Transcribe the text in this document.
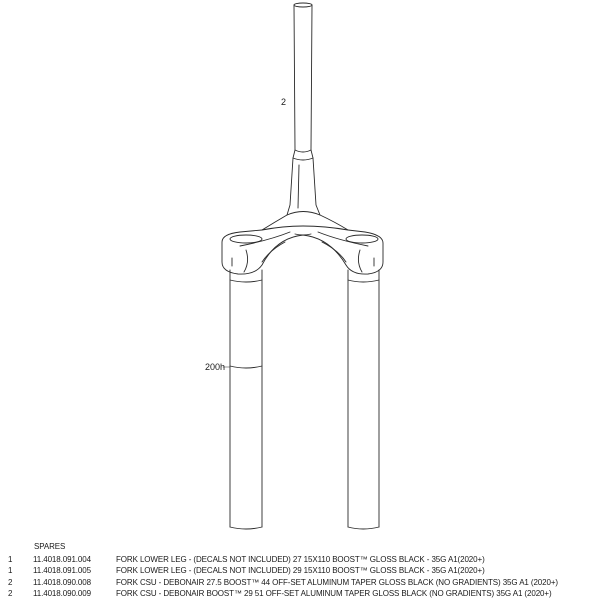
2
200h
SPARES
1	11.4018.091.004	FORK LOWER LEG - (DECALS NOT INCLUDED) 27 15X110 BOOST™ GLOSS BLACK - 35G A1(2020+)
1	11.4018.091.005	FORK LOWER LEG - (DECALS NOT INCLUDED) 29 15X110 BOOST™ GLOSS BLACK - 35G A1(2020+)
2	11.4018.090.008	FORK CSU - DEBONAIR 27.5 BOOST™ 44 OFF-SET ALUMINUM TAPER GLOSS BLACK (NO GRADIENTS) 35G A1 (2020+)
2	11.4018.090.009	FORK CSU - DEBONAIR BOOST™ 29 51 OFF-SET ALUMINUM TAPER GLOSS BLACK (NO GRADIENTS) 35G A1 (2020+)
